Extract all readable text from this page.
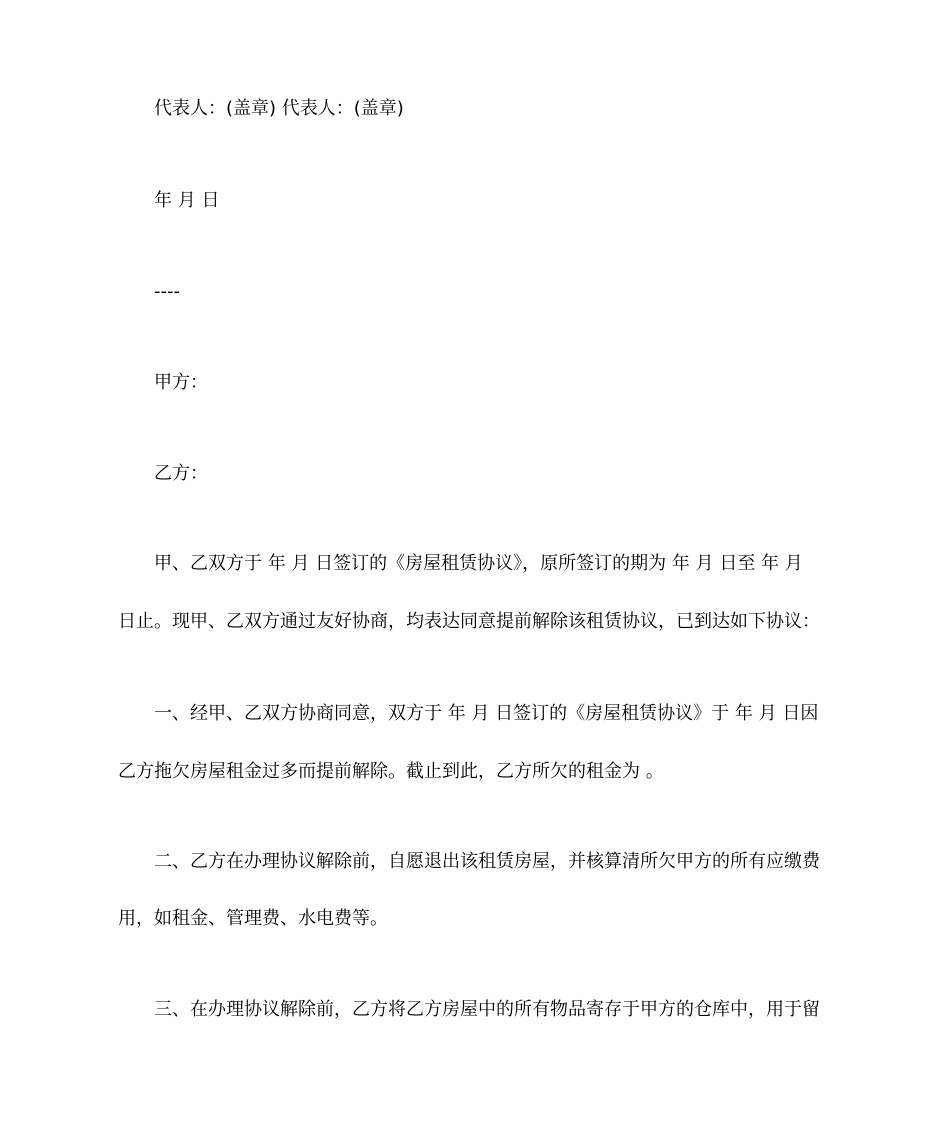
代表人：(盖章) 代表人：(盖章)
年 月 日
----
甲方：
乙方：
甲、乙双方于 年 月 日签订的《房屋租赁协议》，原所签订的期为 年 月 日至 年 月
日止。现甲、乙双方通过友好协商，均表达同意提前解除该租赁协议，已到达如下协议：
一、经甲、乙双方协商同意，双方于 年 月 日签订的《房屋租赁协议》于 年 月 日因
乙方拖欠房屋租金过多而提前解除。截止到此，乙方所欠的租金为 。
二、乙方在办理协议解除前，自愿退出该租赁房屋，并核算清所欠甲方的所有应缴费
用，如租金、管理费、水电费等。
三、在办理协议解除前，乙方将乙方房屋中的所有物品寄存于甲方的仓库中，用于留
